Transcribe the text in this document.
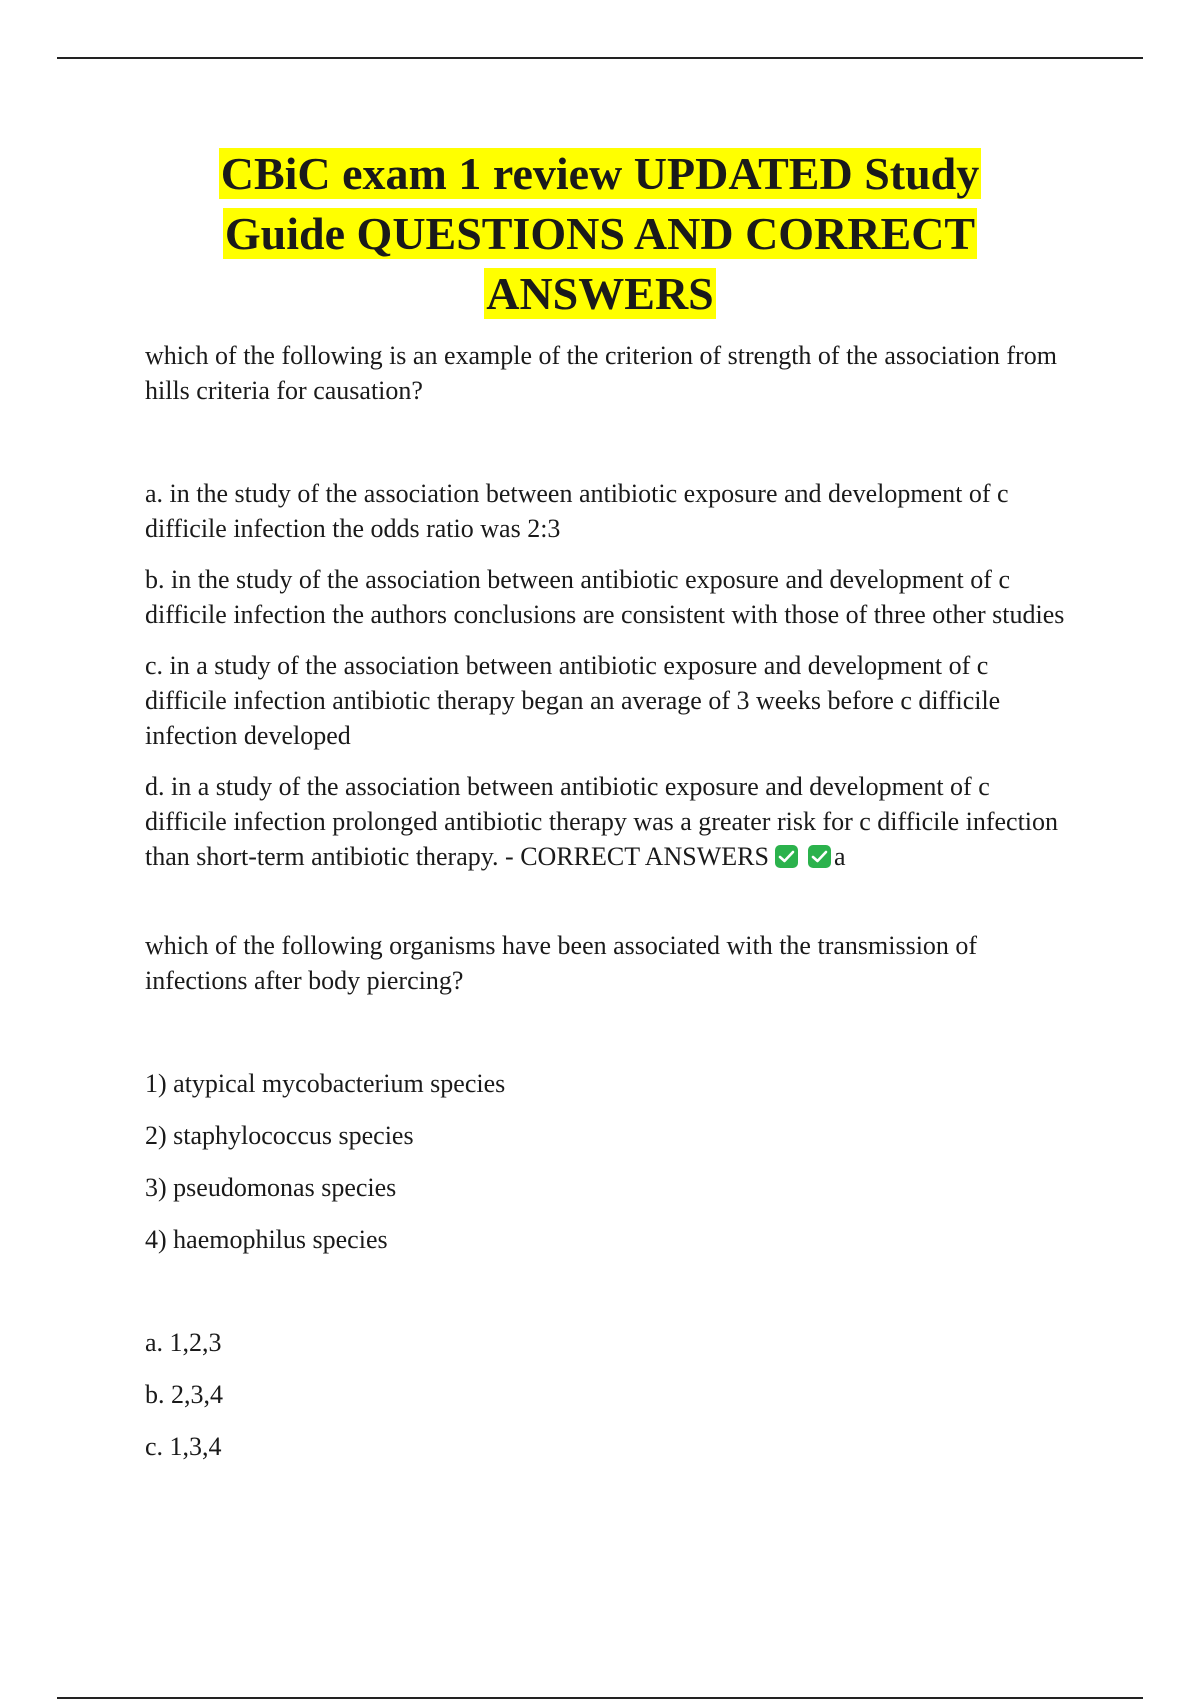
CBiC exam 1 review UPDATED Study
Guide QUESTIONS AND CORRECT
ANSWERS

which of the following is an example of the criterion of strength of the association from hills criteria for causation?

a. in the study of the association between antibiotic exposure and development of c difficile infection the odds ratio was 2:3

b. in the study of the association between antibiotic exposure and development of c difficile infection the authors conclusions are consistent with those of three other studies

c. in a study of the association between antibiotic exposure and development of c difficile infection antibiotic therapy began an average of 3 weeks before c difficile infection developed

d. in a study of the association between antibiotic exposure and development of c difficile infection prolonged antibiotic therapy was a greater risk for c difficile infection than short-term antibiotic therapy. - CORRECT ANSWERS	a

which of the following organisms have been associated with the transmission of infections after body piercing?

1) atypical mycobacterium species

2) staphylococcus species

3) pseudomonas species

4) haemophilus species

a. 1,2,3

b. 2,3,4

c. 1,3,4
